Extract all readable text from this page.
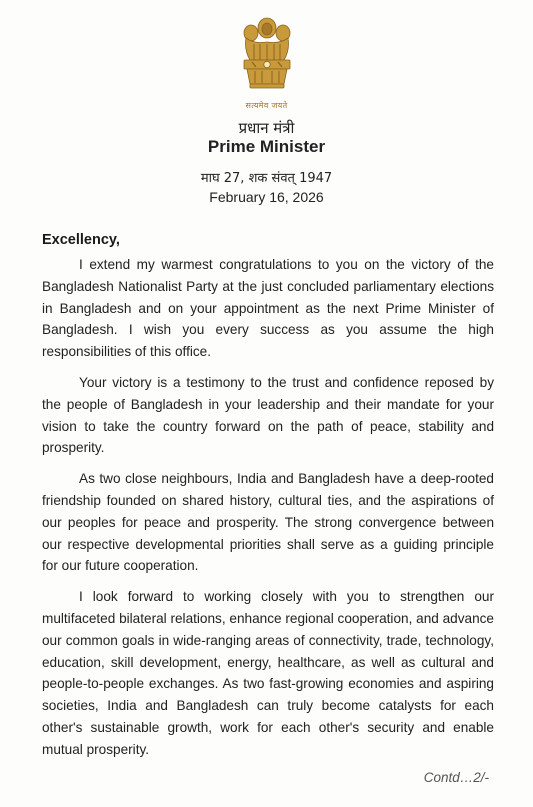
सत्यमेव जयते
प्रधान मंत्री
Prime Minister
माघ 27, शक संवत् 1947
February 16, 2026
Excellency,

I extend my warmest congratulations to you on the victory of the Bangladesh Nationalist Party at the just concluded parliamentary elections in Bangladesh and on your appointment as the next Prime Minister of Bangladesh. I wish you every success as you assume the high responsibilities of this office.

Your victory is a testimony to the trust and confidence reposed by the people of Bangladesh in your leadership and their mandate for your vision to take the country forward on the path of peace, stability and prosperity.

As two close neighbours, India and Bangladesh have a deep-rooted friendship founded on shared history, cultural ties, and the aspirations of our peoples for peace and prosperity. The strong convergence between our respective developmental priorities shall serve as a guiding principle for our future cooperation.

I look forward to working closely with you to strengthen our multifaceted bilateral relations, enhance regional cooperation, and advance our common goals in wide-ranging areas of connectivity, trade, technology, education, skill development, energy, healthcare, as well as cultural and people-to-people exchanges. As two fast-growing economies and aspiring societies, India and Bangladesh can truly become catalysts for each other's sustainable growth, work for each other's security and enable mutual prosperity.

Contd…2/-
